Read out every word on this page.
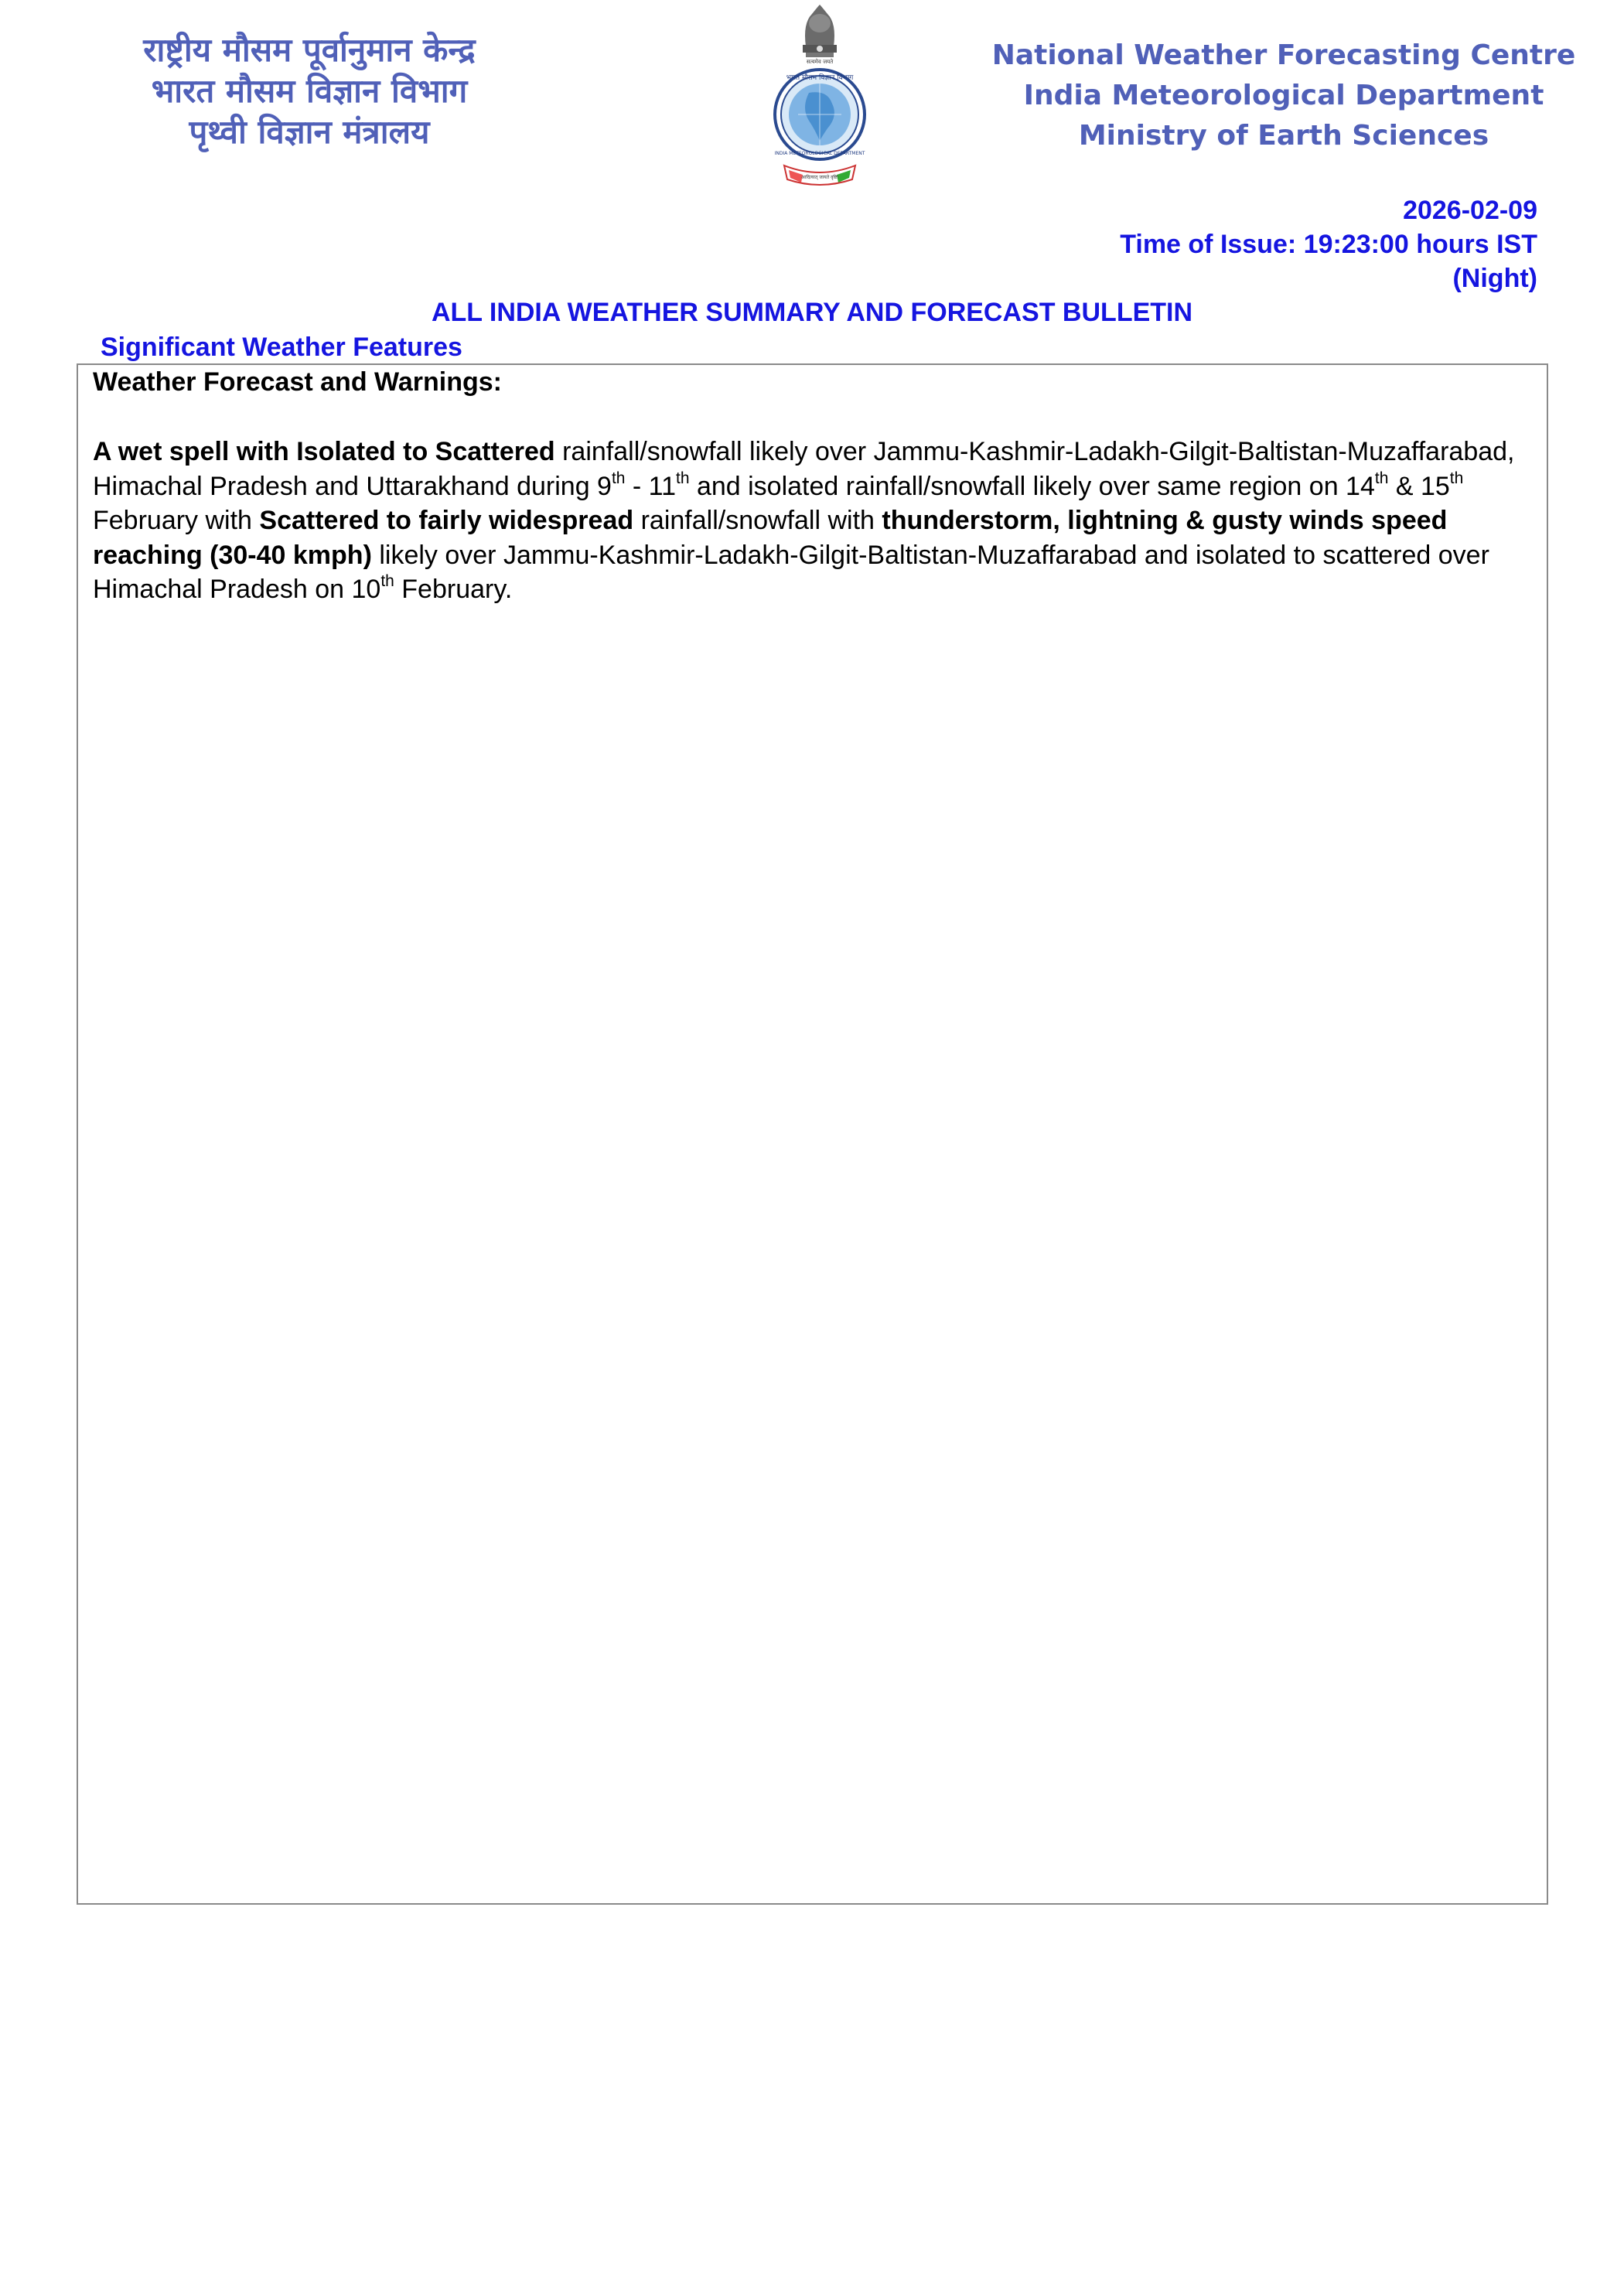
राष्ट्रीय मौसम पूर्वानुमान केन्द्र
भारत मौसम विज्ञान विभाग
पृथ्वी विज्ञान मंत्रालय
सत्यमेव जयते
भारत मौसम विज्ञान विभाग
INDIA METEOROLOGICAL DEPARTMENT
आदित्यात् जायते वृष्टिः
National Weather Forecasting Centre
India Meteorological Department
Ministry of Earth Sciences
2026-02-09
Time of Issue: 19:23:00 hours IST
(Night)
ALL INDIA WEATHER SUMMARY AND FORECAST BULLETIN
Significant Weather Features
Weather Forecast and Warnings:
A wet spell with Isolated to Scattered rainfall/snowfall likely over Jammu-Kashmir-Ladakh-Gilgit-Baltistan-Muzaffarabad, Himachal Pradesh and Uttarakhand during 9th - 11th and isolated rainfall/snowfall likely over same region on 14th & 15th February with Scattered to fairly widespread rainfall/snowfall with thunderstorm, lightning & gusty winds speed reaching (30-40 kmph) likely over Jammu-Kashmir-Ladakh-Gilgit-Baltistan-Muzaffarabad and isolated to scattered over Himachal Pradesh on 10th February.
